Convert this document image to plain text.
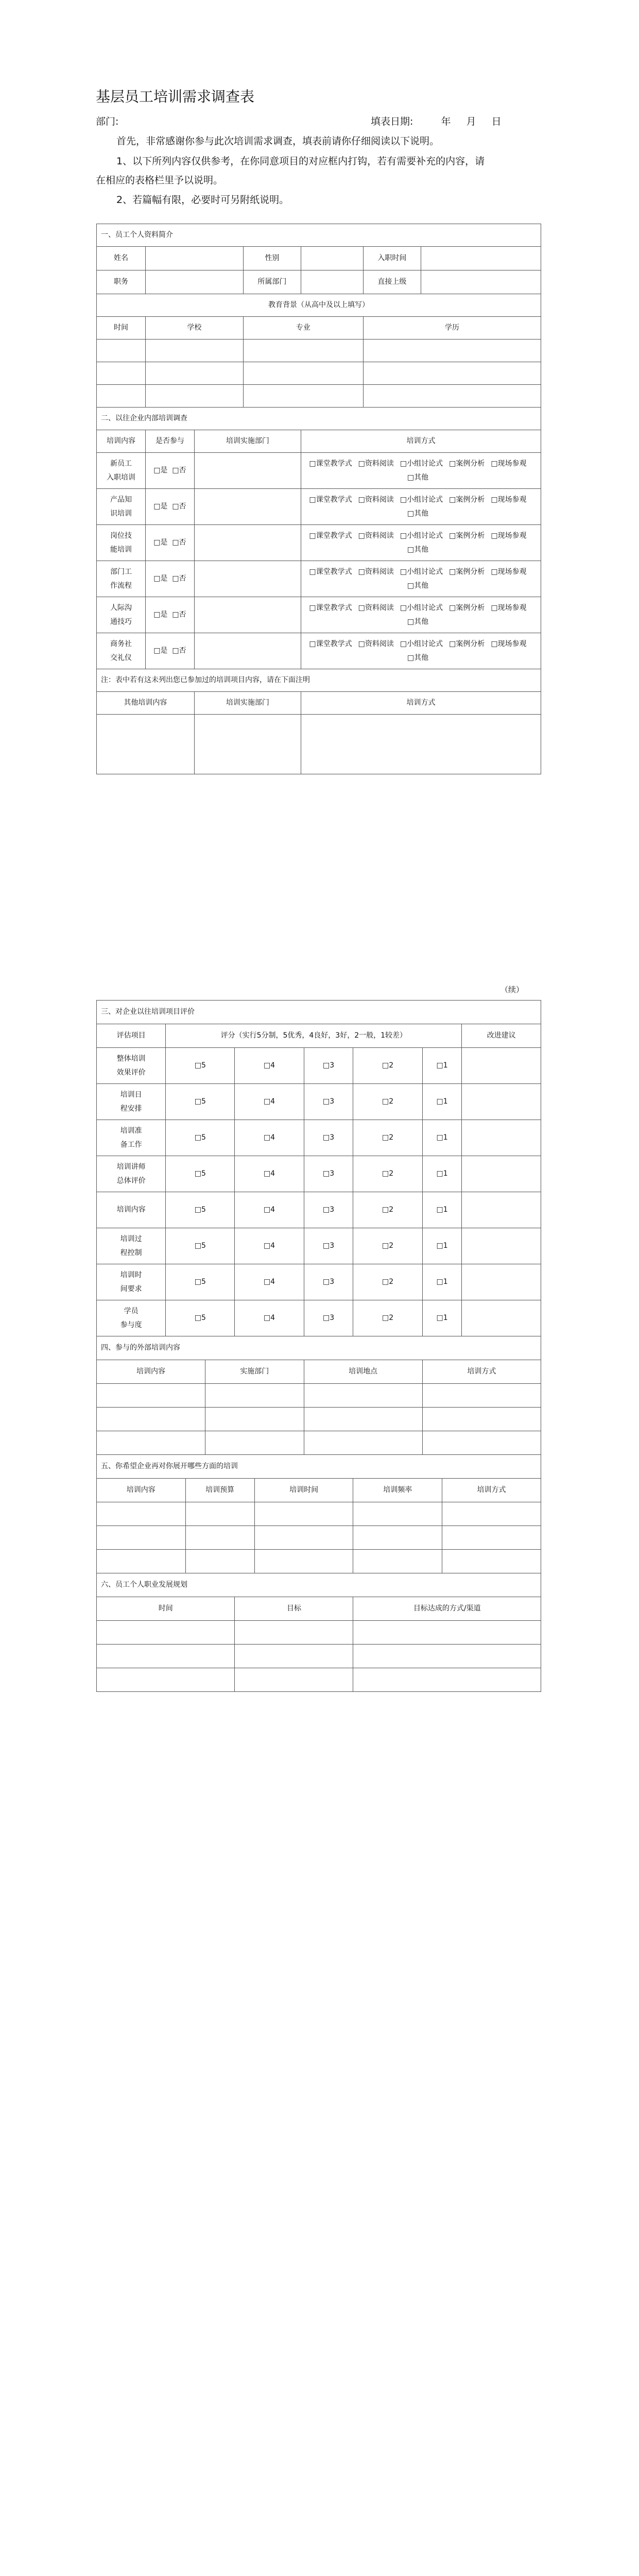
基层员工培训需求调查表
部门:	填表日期:	年 月 日
首先，非常感谢你参与此次培训需求调查，填表前请你仔细阅读以下说明。
1、以下所列内容仅供参考，在你同意项目的对应框内打钩，若有需要补充的内容，请
在相应的表格栏里予以说明。
2、若篇幅有限，必要时可另附纸说明。
一、员工个人资料简介						
姓名			性别		入职时间	
职务			所属部门		直接上级	
教育背景（从高中及以上填写）						
时间	学校		专业		学历	

二、以往企业内部培训调查						
培训内容	是否参与	培训实施部门		培训方式		

新员工
入职培训	□是 □否			□课堂教学式 □资料阅读 □小组讨论式 □案例分析 □现场参观□其他		

产品知
识培训	□是 □否			□课堂教学式 □资料阅读 □小组讨论式 □案例分析 □现场参观□其他		

岗位技
能培训	□是 □否			□课堂教学式 □资料阅读 □小组讨论式 □案例分析 □现场参观□其他		

部门工
作流程	□是 □否			□课堂教学式 □资料阅读 □小组讨论式 □案例分析 □现场参观□其他		

人际沟
通技巧	□是 □否			□课堂教学式 □资料阅读 □小组讨论式 □案例分析 □现场参观□其他		

商务社
交礼仪	□是 □否			□课堂教学式 □资料阅读 □小组讨论式 □案例分析 □现场参观□其他		
注：表中若有这未列出您已参加过的培训项目内容，请在下面注明						
其他培训内容		培训实施部门		培训方式		

（续）
三、对企业以往培训项目评价										
评估项目	评分（实行5分制，5优秀，4良好，3好，2一般，1较差）									改进建议

整体培训
效果评价	□5			□4		□3	□2	□1		

培训日
程安排	□5			□4		□3	□2	□1		

培训准
备工作	□5			□4		□3	□2	□1		

培训讲师
总体评价	□5			□4		□3	□2	□1		

培训内容	□5			□4		□3	□2	□1		

培训过
程控制	□5			□4		□3	□2	□1		

培训时
间要求	□5			□4		□3	□2	□1		

学员
参与度	□5			□4		□3	□2	□1		
四、参与的外部培训内容										
培训内容			实施部门			培训地点		培训方式		

五、你希望企业再对你展开哪些方面的培训										
培训内容		培训预算			培训时间		培训频率		培训方式	

六、员工个人职业发展规划										
时间				目标			目标达成的方式/渠道			
